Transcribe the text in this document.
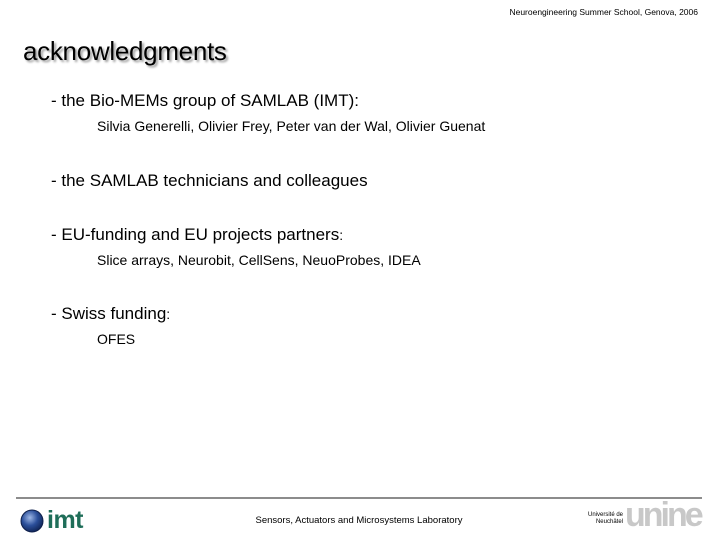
Neuroengineering Summer School, Genova, 2006
acknowledgments
- the Bio-MEMs group of SAMLAB (IMT):
Silvia Generelli, Olivier Frey, Peter van der Wal, Olivier Guenat
- the SAMLAB technicians and colleagues
- EU-funding and EU projects partners:
Slice arrays, Neurobit, CellSens, NeuoProbes, IDEA
- Swiss funding:
OFES
imt	Sensors, Actuators and Microsystems Laboratory	Université de Neuchâtel unine
